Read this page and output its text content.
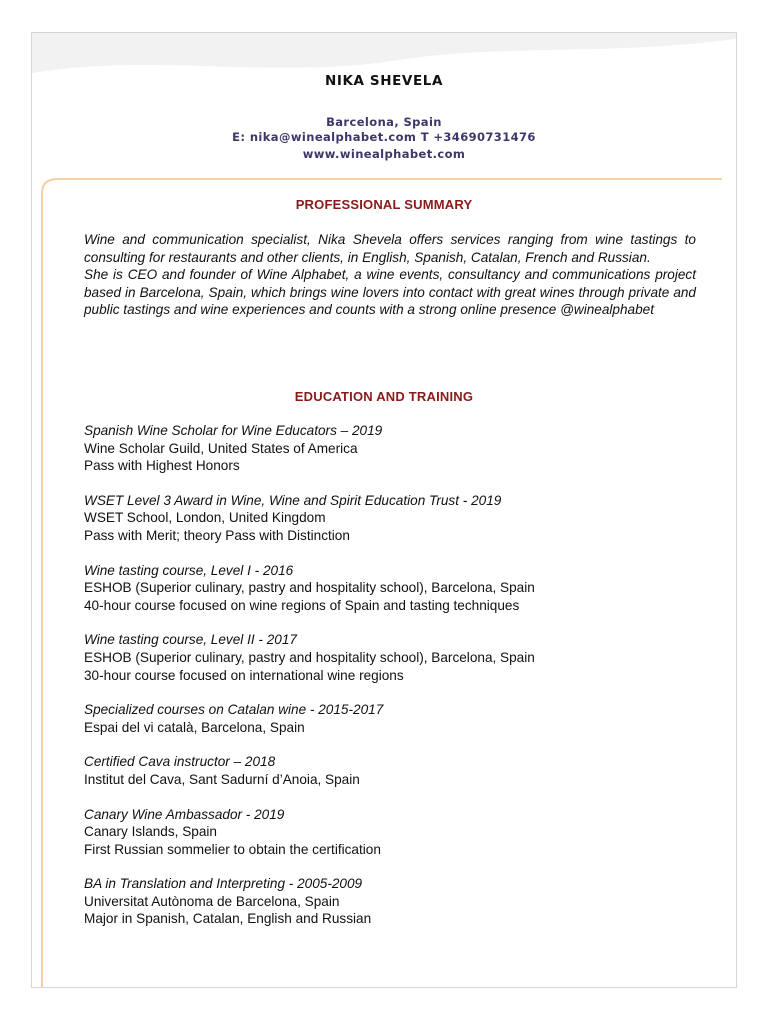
NIKA SHEVELA
Barcelona, Spain
E: nika@winealphabet.com T +34690731476
www.winealphabet.com
PROFESSIONAL SUMMARY

Wine and communication specialist, Nika Shevela offers services ranging from wine tastings to consulting for restaurants and other clients, in English, Spanish, Catalan, French and Russian.

She is CEO and founder of Wine Alphabet, a wine events, consultancy and communications project based in Barcelona, Spain, which brings wine lovers into contact with great wines through private and public tastings and wine experiences and counts with a strong online presence @winealphabet

EDUCATION AND TRAINING
Spanish Wine Scholar for Wine Educators – 2019
Wine Scholar Guild, United States of America
Pass with Highest Honors
WSET Level 3 Award in Wine, Wine and Spirit Education Trust - 2019
WSET School, London, United Kingdom
Pass with Merit; theory Pass with Distinction
Wine tasting course, Level I - 2016
ESHOB (Superior culinary, pastry and hospitality school), Barcelona, Spain
40-hour course focused on wine regions of Spain and tasting techniques
Wine tasting course, Level II - 2017
ESHOB (Superior culinary, pastry and hospitality school), Barcelona, Spain
30-hour course focused on international wine regions
Specialized courses on Catalan wine - 2015-2017
Espai del vi català, Barcelona, Spain
Certified Cava instructor – 2018
Institut del Cava, Sant Sadurní d’Anoia, Spain
Canary Wine Ambassador - 2019
Canary Islands, Spain
First Russian sommelier to obtain the certification
BA in Translation and Interpreting - 2005-2009
Universitat Autònoma de Barcelona, Spain
Major in Spanish, Catalan, English and Russian
